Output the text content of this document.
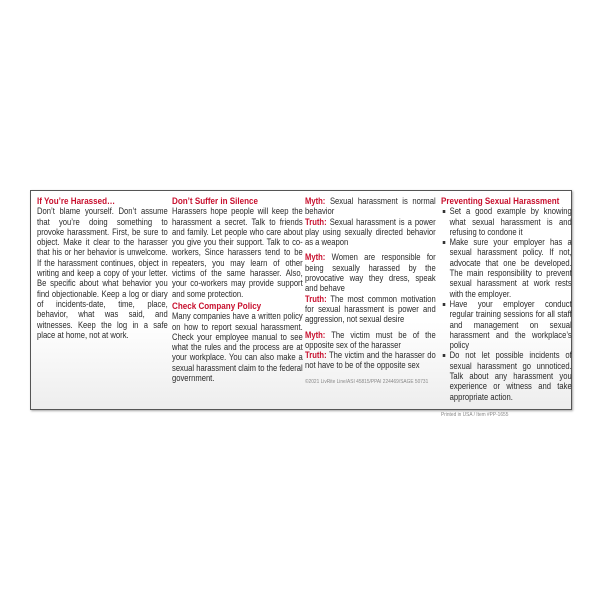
If You’re Harassed…

Don’t blame yourself. Don’t assume that you’re doing something to provoke harassment. First, be sure to object. Make it clear to the harasser that his or her behavior is unwelcome. If the harassment continues, object in writing and keep a copy of your letter. Be specific about what behavior you find objectionable. Keep a log or diary of incidents-date, time, place, behavior, what was said, and witnesses. Keep the log in a safe place at home, not at work.

Don’t Suffer in Silence

Harassers hope people will keep the harassment a secret. Talk to friends and family. Let people who care about you give you their support. Talk to co-workers, Since harassers tend to be repeaters, you may learn of other victims of the same harasser. Also, your co-workers may provide support and some protection.

Check Company Policy

Many companies have a written policy on how to report sexual harassment. Check your employee manual to see what the rules and the process are at your workplace. You can also make a sexual harassment claim to the federal government.

Myth: Sexual harassment is normal behavior

Truth: Sexual harassment is a power play using sexually directed behavior as a weapon

Myth: Women are responsible for being sexually harassed by the provocative way they dress, speak and behave

Truth: The most common motivation for sexual harassment is power and aggression, not sexual desire

Myth: The victim must be of the opposite sex of the harasser

Truth: The victim and the harasser do not have to be of the opposite sex

©2021 LivRite Line/ASI 45815/PPAI 224469/SAGE 50731

Preventing Sexual Harassment

Set a good example by knowing what sexual harassment is and refusing to condone it
Make sure your employer has a sexual harassment policy. If not, advocate that one be developed. The main responsibility to prevent sexual harassment at work rests with the employer.
Have your employer conduct regular training sessions for all staff and management on sexual harassment and the workplace’s policy
Do not let possible incidents of sexual harassment go unnoticed. Talk about any harassment you experience or witness and take appropriate action.

Printed in USA / Item #PP-1655
